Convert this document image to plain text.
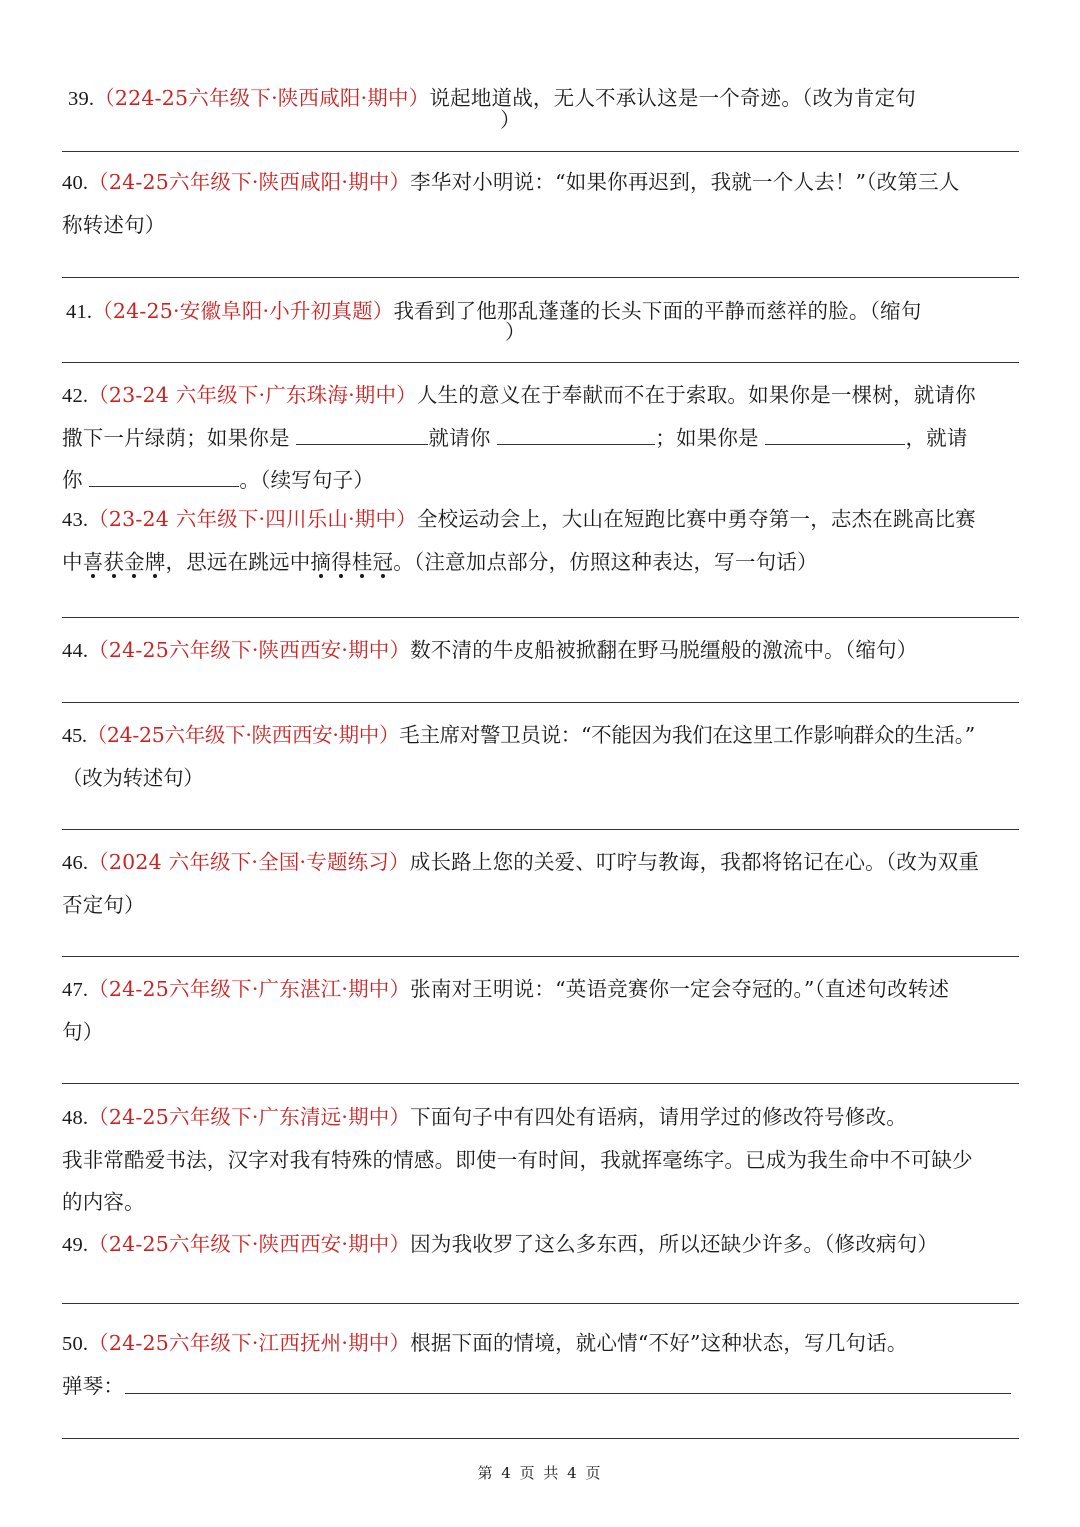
39.（224-25六年级下·陕西咸阳·期中）说起地道战，无人不承认这是一个奇迹。（改为肯定句
）
40.（24-25六年级下·陕西咸阳·期中）李华对小明说：“如果你再迟到，我就一个人去！”（改第三人
称转述句）
41.（24-25·安徽阜阳·小升初真题）我看到了他那乱蓬蓬的长头下面的平静而慈祥的脸。（缩句
）
42.（23-24 六年级下·广东珠海·期中）人生的意义在于奉献而不在于索取。如果你是一棵树，就请你
撒下一片绿荫；如果你是	就请你	；如果你是	，就请
你	。（续写句子）
43.（23-24 六年级下·四川乐山·期中）全校运动会上，大山在短跑比赛中勇夺第一，志杰在跳高比赛
中喜获金牌，思远在跳远中摘得桂冠。（注意加点部分，仿照这种表达，写一句话）
44.（24-25六年级下·陕西西安·期中）数不清的牛皮船被掀翻在野马脱缰般的激流中。（缩句）
45.（24-25六年级下·陕西西安·期中）毛主席对警卫员说：“不能因为我们在这里工作影响群众的生活。”
（改为转述句）
46.（2024 六年级下·全国·专题练习）成长路上您的关爱、叮咛与教诲，我都将铭记在心。（改为双重
否定句）
47.（24-25六年级下·广东湛江·期中）张南对王明说：“英语竞赛你一定会夺冠的。”（直述句改转述
句）
48.（24-25六年级下·广东清远·期中）下面句子中有四处有语病，请用学过的修改符号修改。
我非常酷爱书法，汉字对我有特殊的情感。即使一有时间，我就挥毫练字。已成为我生命中不可缺少
的内容。
49.（24-25六年级下·陕西西安·期中）因为我收罗了这么多东西，所以还缺少许多。（修改病句）
50.（24-25六年级下·江西抚州·期中）根据下面的情境，就心情“不好”这种状态，写几句话。
弹琴：
第 4 页 共 4 页
